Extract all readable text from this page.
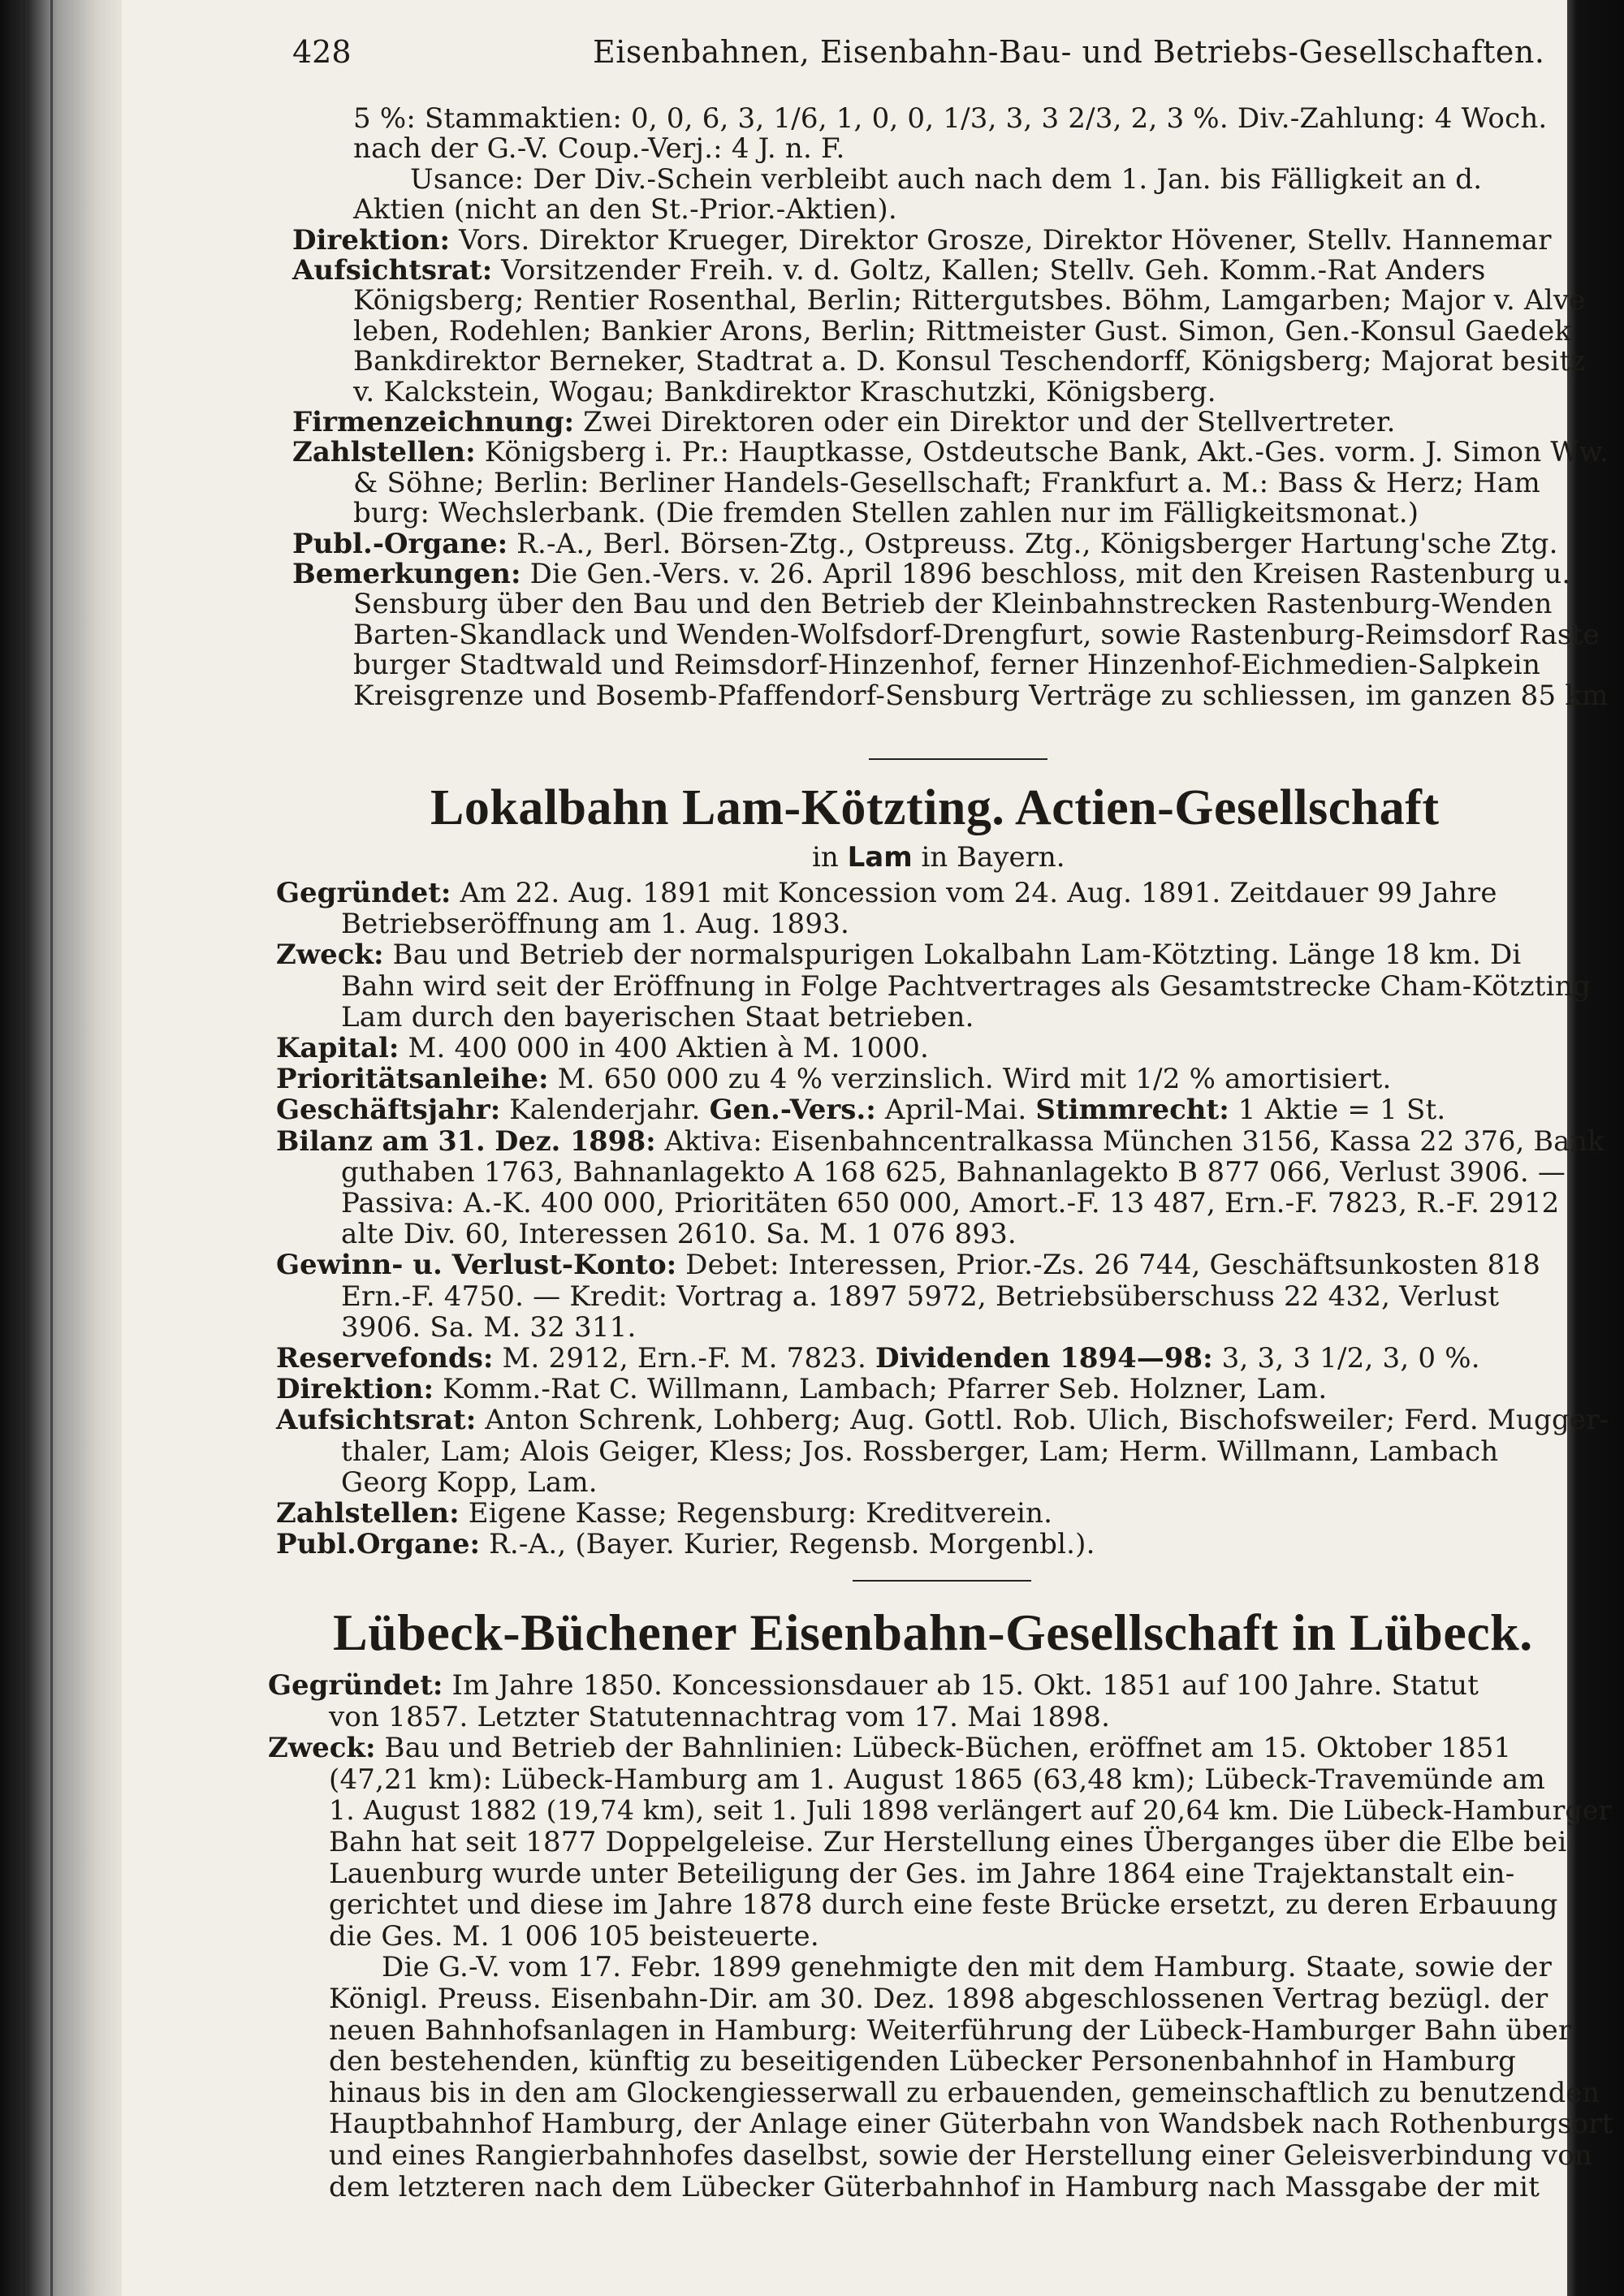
428	Eisenbahnen, Eisenbahn-Bau- und Betriebs-Gesellschaften.
5 %: Stammaktien: 0, 0, 6, 3, 1/6, 1, 0, 0, 1/3, 3, 3 2/3, 2, 3 %. Div.-Zahlung: 4 Woch.
nach der G.-V. Coup.-Verj.: 4 J. n. F.
Usance: Der Div.-Schein verbleibt auch nach dem 1. Jan. bis Fälligkeit an d.
Aktien (nicht an den St.-Prior.-Aktien).
Direktion: Vors. Direktor Krueger, Direktor Grosze, Direktor Hövener, Stellv. Hannemar
Aufsichtsrat: Vorsitzender Freih. v. d. Goltz, Kallen; Stellv. Geh. Komm.-Rat Anders
Königsberg; Rentier Rosenthal, Berlin; Rittergutsbes. Böhm, Lamgarben; Major v. Alve
leben, Rodehlen; Bankier Arons, Berlin; Rittmeister Gust. Simon, Gen.-Konsul Gaedek
Bankdirektor Berneker, Stadtrat a. D. Konsul Teschendorff, Königsberg; Majorat besitz
v. Kalckstein, Wogau; Bankdirektor Kraschutzki, Königsberg.
Firmenzeichnung: Zwei Direktoren oder ein Direktor und der Stellvertreter.
Zahlstellen: Königsberg i. Pr.: Hauptkasse, Ostdeutsche Bank, Akt.-Ges. vorm. J. Simon Ww.
& Söhne; Berlin: Berliner Handels-Gesellschaft; Frankfurt a. M.: Bass & Herz; Ham
burg: Wechslerbank. (Die fremden Stellen zahlen nur im Fälligkeitsmonat.)
Publ.-Organe: R.-A., Berl. Börsen-Ztg., Ostpreuss. Ztg., Königsberger Hartung'sche Ztg.
Bemerkungen: Die Gen.-Vers. v. 26. April 1896 beschloss, mit den Kreisen Rastenburg u.
Sensburg über den Bau und den Betrieb der Kleinbahnstrecken Rastenburg-Wenden
Barten-Skandlack und Wenden-Wolfsdorf-Drengfurt, sowie Rastenburg-Reimsdorf Raste
burger Stadtwald und Reimsdorf-Hinzenhof, ferner Hinzenhof-Eichmedien-Salpkein
Kreisgrenze und Bosemb-Pfaffendorf-Sensburg Verträge zu schliessen, im ganzen 85 km
Lokalbahn Lam-Kötzting. Actien-Gesellschaft
in Lam in Bayern.
Gegründet: Am 22. Aug. 1891 mit Koncession vom 24. Aug. 1891. Zeitdauer 99 Jahre
Betriebseröffnung am 1. Aug. 1893.
Zweck: Bau und Betrieb der normalspurigen Lokalbahn Lam-Kötzting. Länge 18 km. Di
Bahn wird seit der Eröffnung in Folge Pachtvertrages als Gesamtstrecke Cham-Kötzting
Lam durch den bayerischen Staat betrieben.
Kapital: M. 400 000 in 400 Aktien à M. 1000.
Prioritätsanleihe: M. 650 000 zu 4 % verzinslich. Wird mit 1/2 % amortisiert.
Geschäftsjahr: Kalenderjahr. Gen.-Vers.: April-Mai. Stimmrecht: 1 Aktie = 1 St.
Bilanz am 31. Dez. 1898: Aktiva: Eisenbahncentralkassa München 3156, Kassa 22 376, Bank
guthaben 1763, Bahnanlagekto A 168 625, Bahnanlagekto B 877 066, Verlust 3906. —
Passiva: A.-K. 400 000, Prioritäten 650 000, Amort.-F. 13 487, Ern.-F. 7823, R.-F. 2912
alte Div. 60, Interessen 2610. Sa. M. 1 076 893.
Gewinn- u. Verlust-Konto: Debet: Interessen, Prior.-Zs. 26 744, Geschäftsunkosten 818
Ern.-F. 4750. — Kredit: Vortrag a. 1897 5972, Betriebsüberschuss 22 432, Verlust
3906. Sa. M. 32 311.
Reservefonds: M. 2912, Ern.-F. M. 7823. Dividenden 1894—98: 3, 3, 3 1/2, 3, 0 %.
Direktion: Komm.-Rat C. Willmann, Lambach; Pfarrer Seb. Holzner, Lam.
Aufsichtsrat: Anton Schrenk, Lohberg; Aug. Gottl. Rob. Ulich, Bischofsweiler; Ferd. Mugger-
thaler, Lam; Alois Geiger, Kless; Jos. Rossberger, Lam; Herm. Willmann, Lambach
Georg Kopp, Lam.
Zahlstellen: Eigene Kasse; Regensburg: Kreditverein.
Publ.Organe: R.-A., (Bayer. Kurier, Regensb. Morgenbl.).
Lübeck-Büchener Eisenbahn-Gesellschaft in Lübeck.
Gegründet: Im Jahre 1850. Koncessionsdauer ab 15. Okt. 1851 auf 100 Jahre. Statut
von 1857. Letzter Statutennachtrag vom 17. Mai 1898.
Zweck: Bau und Betrieb der Bahnlinien: Lübeck-Büchen, eröffnet am 15. Oktober 1851
(47,21 km): Lübeck-Hamburg am 1. August 1865 (63,48 km); Lübeck-Travemünde am
1. August 1882 (19,74 km), seit 1. Juli 1898 verlängert auf 20,64 km. Die Lübeck-Hamburger
Bahn hat seit 1877 Doppelgeleise. Zur Herstellung eines Überganges über die Elbe bei
Lauenburg wurde unter Beteiligung der Ges. im Jahre 1864 eine Trajektanstalt ein-
gerichtet und diese im Jahre 1878 durch eine feste Brücke ersetzt, zu deren Erbauung
die Ges. M. 1 006 105 beisteuerte.
Die G.-V. vom 17. Febr. 1899 genehmigte den mit dem Hamburg. Staate, sowie der
Königl. Preuss. Eisenbahn-Dir. am 30. Dez. 1898 abgeschlossenen Vertrag bezügl. der
neuen Bahnhofsanlagen in Hamburg: Weiterführung der Lübeck-Hamburger Bahn über
den bestehenden, künftig zu beseitigenden Lübecker Personenbahnhof in Hamburg
hinaus bis in den am Glockengiesserwall zu erbauenden, gemeinschaftlich zu benutzenden
Hauptbahnhof Hamburg, der Anlage einer Güterbahn von Wandsbek nach Rothenburgsort
und eines Rangierbahnhofes daselbst, sowie der Herstellung einer Geleisverbindung von
dem letzteren nach dem Lübecker Güterbahnhof in Hamburg nach Massgabe der mit
